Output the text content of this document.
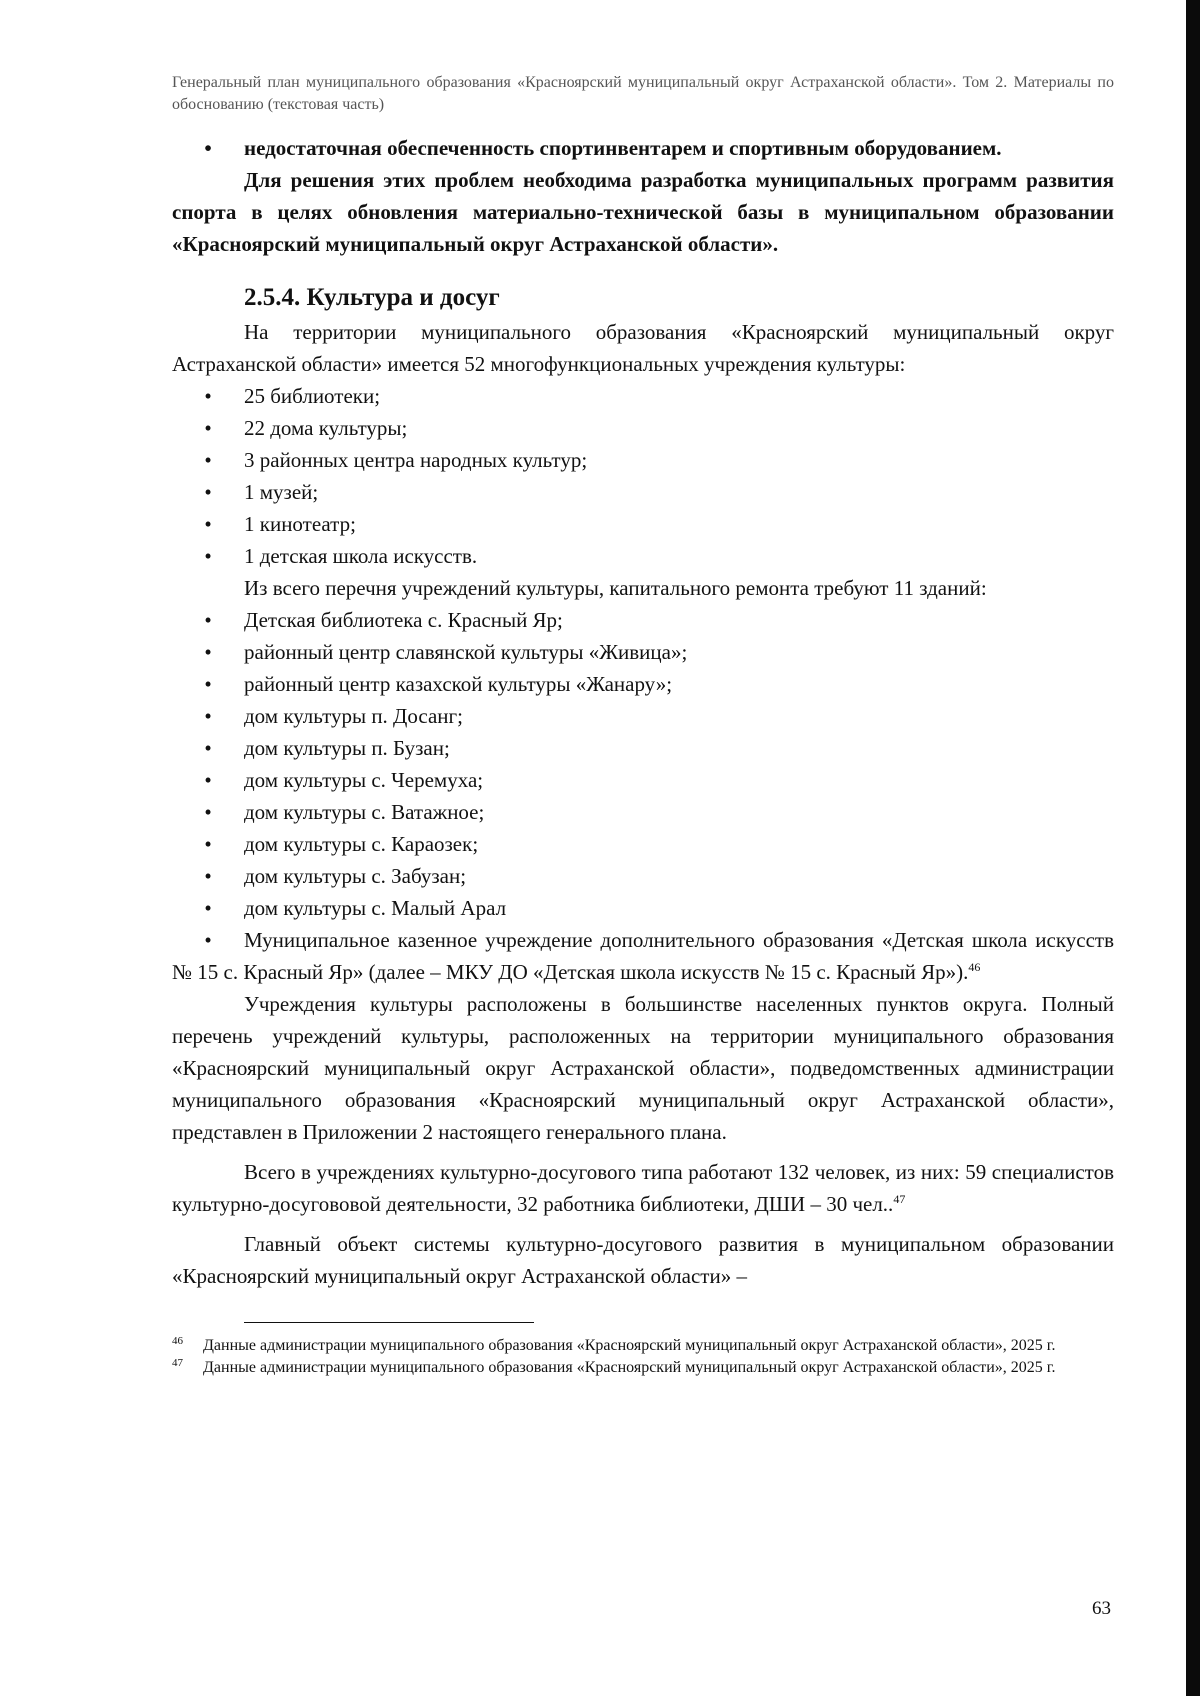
Генеральный план муниципального образования «Красноярский муниципальный округ Астраханской области». Том 2. Материалы по обоснованию (текстовая часть)
•	недостаточная обеспеченность спортинвентарем и спортивным оборудованием.

Для решения этих проблем необходима разработка муниципальных программ развития спорта в целях обновления материально-технической базы в муниципальном образовании «Красноярский муниципальный округ Астраханской области».

2.5.4. Культура и досуг

На территории муниципального образования «Красноярский муниципальный округ Астраханской области» имеется 52 многофункциональных учреждения культуры:

•	25 библиотеки;
•	22 дома культуры;
•	3 районных центра народных культур;
•	1 музей;
•	1 кинотеатр;
•	1 детская школа искусств.

Из всего перечня учреждений культуры, капитального ремонта требуют 11 зданий:

•	Детская библиотека с. Красный Яр;
•	районный центр славянской культуры «Живица»;
•	районный центр казахской культуры «Жанару»;
•	дом культуры п. Досанг;
•	дом культуры п. Бузан;
•	дом культуры с. Черемуха;
•	дом культуры с. Ватажное;
•	дом культуры с. Караозек;
•	дом культуры с. Забузан;
•	дом культуры с. Малый Арал
•	Муниципальное казенное учреждение дополнительного образования «Детская школа искусств № 15 с. Красный Яр» (далее – МКУ ДО «Детская школа искусств № 15 с. Красный Яр»).$^{46}$

Учреждения культуры расположены в большинстве населенных пунктов округа. Полный перечень учреждений культуры, расположенных на территории муниципального образования «Красноярский муниципальный округ Астраханской области», подведомственных администрации муниципального образования «Красноярский муниципальный округ Астраханской области», представлен в Приложении 2 настоящего генерального плана.

Всего в учреждениях культурно-досугового типа работают 132 человек, из них: 59 специалистов культурно-досугововой деятельности, 32 работника библиотеки, ДШИ – 30 чел..$^{47}$

Главный объект системы культурно-досугового развития в муниципальном образовании «Красноярский муниципальный округ Астраханской области» –

$^{46}$ Данные администрации муниципального образования «Красноярский муниципальный округ Астраханской области», 2025 г.
$^{47}$ Данные администрации муниципального образования «Красноярский муниципальный округ Астраханской области», 2025 г.
63
